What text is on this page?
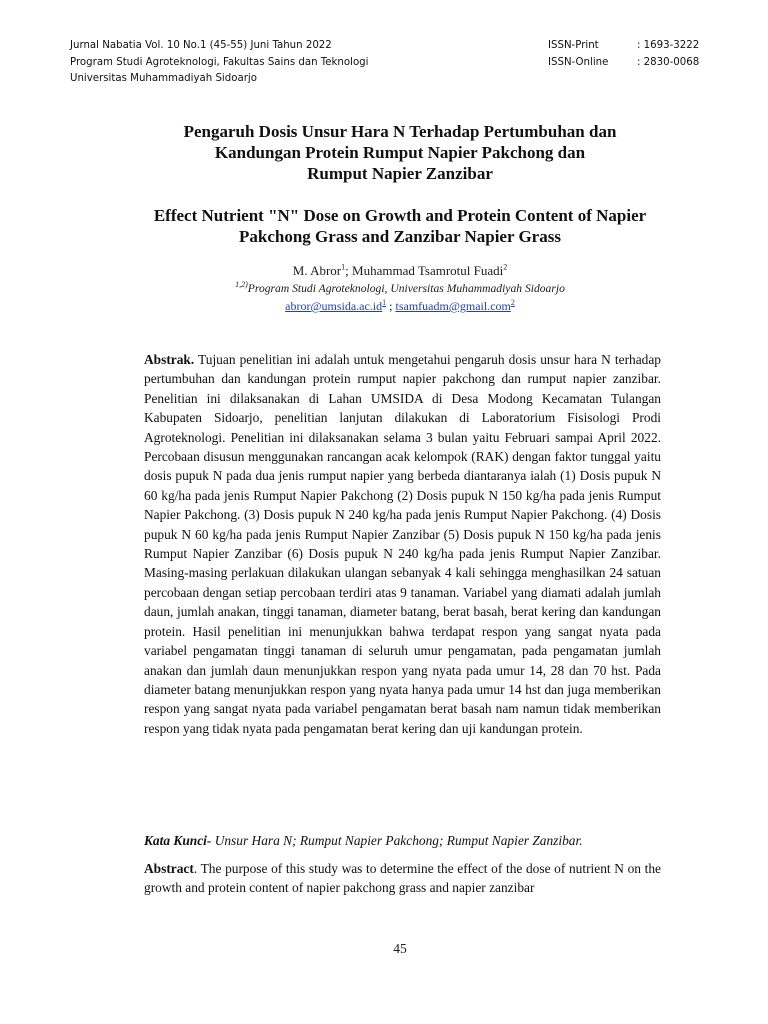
Jurnal Nabatia Vol. 10 No.1 (45-55) Juni Tahun 2022
Program Studi Agroteknologi, Fakultas Sains dan Teknologi
Universitas Muhammadiyah Sidoarjo
ISSN-Print	: 1693-3222
ISSN-Online	: 2830-0068
Pengaruh Dosis Unsur Hara N Terhadap Pertumbuhan dan
Kandungan Protein Rumput Napier Pakchong dan
Rumput Napier Zanzibar
Effect Nutrient "N" Dose on Growth and Protein Content of Napier
Pakchong Grass and Zanzibar Napier Grass
M. Abror$^1$; Muhammad Tsamrotul Fuadi$^2$
$^{1,2)}$Program Studi Agroteknologi, Universitas Muhammadiyah Sidoarjo
$abror@umsida.ac.id^1$ ; tsamfuadm@gmail.com$^2$
Abstrak. Tujuan penelitian ini adalah untuk mengetahui pengaruh dosis unsur hara N terhadap pertumbuhan dan kandungan protein rumput napier pakchong dan rumput napier zanzibar. Penelitian ini dilaksanakan di Lahan UMSIDA di Desa Modong Kecamatan Tulangan Kabupaten Sidoarjo, penelitian lanjutan dilakukan di Laboratorium Fisisologi Prodi Agroteknologi. Penelitian ini dilaksanakan selama 3 bulan yaitu Februari sampai April 2022. Percobaan disusun menggunakan rancangan acak kelompok (RAK) dengan faktor tunggal yaitu dosis pupuk N pada dua jenis rumput napier yang berbeda diantaranya ialah (1) Dosis pupuk N 60 kg/ha pada jenis Rumput Napier Pakchong (2) Dosis pupuk N 150 kg/ha pada jenis Rumput Napier Pakchong. (3) Dosis pupuk N 240 kg/ha pada jenis Rumput Napier Pakchong. (4) Dosis pupuk N 60 kg/ha pada jenis Rumput Napier Zanzibar (5) Dosis pupuk N 150 kg/ha pada jenis Rumput Napier Zanzibar (6) Dosis pupuk N 240 kg/ha pada jenis Rumput Napier Zanzibar. Masing-masing perlakuan dilakukan ulangan sebanyak 4 kali sehingga menghasilkan 24 satuan percobaan dengan setiap percobaan terdiri atas 9 tanaman. Variabel yang diamati adalah jumlah daun, jumlah anakan, tinggi tanaman, diameter batang, berat basah, berat kering dan kandungan protein. Hasil penelitian ini menunjukkan bahwa terdapat respon yang sangat nyata pada variabel pengamatan tinggi tanaman di seluruh umur pengamatan, pada pengamatan jumlah anakan dan jumlah daun menunjukkan respon yang nyata pada umur 14, 28 dan 70 hst. Pada diameter batang menunjukkan respon yang nyata hanya pada umur 14 hst dan juga memberikan respon yang sangat nyata pada variabel pengamatan berat basah nam namun tidak memberikan respon yang tidak nyata pada pengamatan berat kering dan uji kandungan protein.
Kata Kunci- Unsur Hara N; Rumput Napier Pakchong; Rumput Napier Zanzibar.
Abstract. The purpose of this study was to determine the effect of the dose of nutrient N on the growth and protein content of napier pakchong grass and napier zanzibar
45
